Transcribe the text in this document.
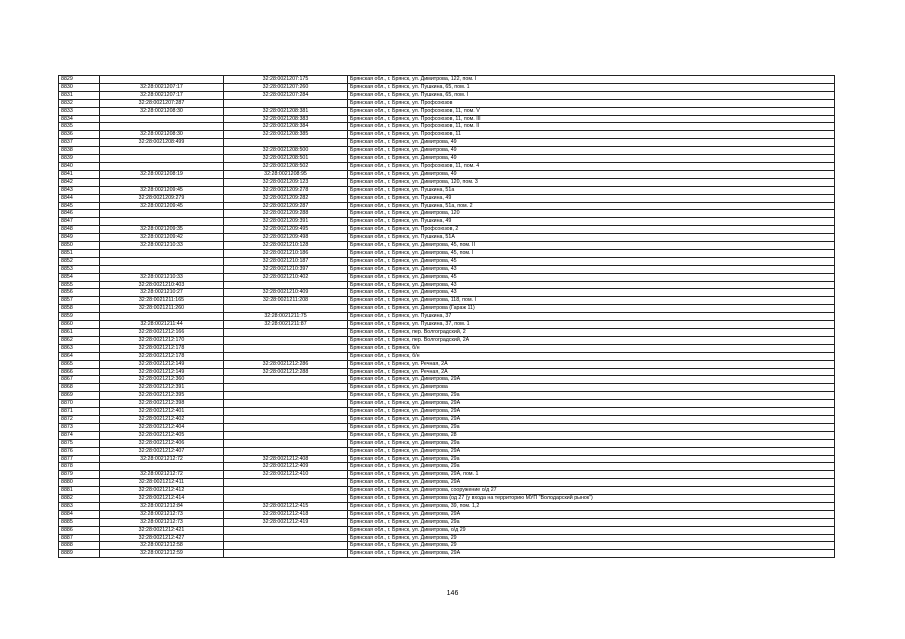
8829		32:28:0021207:175	Брянская обл., г. Брянск, ул. Димитрова, 122, пом. I
8830	32:28:0021207:17	32:28:0021207:260	Брянская обл., г. Брянск, ул. Пушкина, 65, пом. 1
8831	32:28:0021207:17	32:28:0021207:284	Брянская обл., г. Брянск, ул. Пушкина, 65, пом. I
8832	32:28:0021207:287		Брянская обл., г. Брянск, ул. Профсоюзов
8833	32:28:0021208:30	32:28:0021208:381	Брянская обл., г. Брянск, ул. Профсоюзов, 11, пом. V
8834		32:28:0021208:383	Брянская обл., г. Брянск, ул. Профсоюзов, 11, пом. III
8835		32:28:0021208:384	Брянская обл., г. Брянск, ул. Профсоюзов, 11, пом. II
8836	32:28:0021208:30	32:28:0021208:385	Брянская обл., г. Брянск, ул. Профсоюзов, 11
8837	32:28:0021208:499		Брянская обл., г. Брянск, ул. Димитрова, 49
8838		32:28:0021208:500	Брянская обл., г. Брянск, ул. Димитрова, 49
8839		32:28:0021208:501	Брянская обл., г. Брянск, ул. Димитрова, 49
8840		32:28:0021208:502	Брянская обл., г. Брянск, ул. Профсоюзов, 11, пом. 4
8841	32:28:0021208:19	32:28:0021208:95	Брянская обл., г. Брянск, ул. Димитрова, 49
8842		32:28:0021209:123	Брянская обл., г. Брянск, ул. Димитрова, 120, пом. 3
8843	32:28:0021209:45	32:28:0021209:278	Брянская обл., г. Брянск, ул. Пушкина, 51а
8844	32:28:0021209:279	32:28:0021209:282	Брянская обл., г. Брянск, ул. Пушкина, 49
8845	32:28:0021209:45	32:28:0021209:287	Брянская обл., г. Брянск, ул. Пушкина, 51а, пом. 2
8846		32:28:0021209:288	Брянская обл., г. Брянск, ул. Димитрова, 120
8847		32:28:0021209:391	Брянская обл., г. Брянск, ул. Пушкина, 49
8848	32:28:0021209:35	32:28:0021209:495	Брянская обл., г. Брянск, ул. Профсоюзов, 2
8849	32:28:0021209:42	32:28:0021209:498	Брянская обл., г. Брянск, ул. Пушкина, 51А
8850	32:28:0021210:33	32:28:0021210:128	Брянская обл., г. Брянск, ул. Димитрова, 45, пом. II
8851		32:28:0021210:186	Брянская обл., г. Брянск, ул. Димитрова, 45, пом. I
8852		32:28:0021210:187	Брянская обл., г. Брянск, ул. Димитрова, 45
8853		32:28:0021210:397	Брянская обл., г. Брянск, ул. Димитрова, 43
8854	32:28:0021210:33	32:28:0021210:402	Брянская обл., г. Брянск, ул. Димитрова, 45
8855	32:28:0021210:403		Брянская обл., г. Брянск, ул. Димитрова, 43
8856	32:28:0021210:27	32:28:0021210:409	Брянская обл., г. Брянск, ул. Димитрова, 43
8857	32:28:0021211:165	32:28:0021211:208	Брянская обл., г. Брянск, ул. Димитрова, 118, пом. I
8858	32:28:0021211:260		Брянская обл., г. Брянск, ул. Димитрова (Гараж 11)
8859		32:28:0021211:75	Брянская обл., г. Брянск, ул. Пушкина, 37
8860	32:28:0021211:44	32:28:0021211:87	Брянская обл., г. Брянск, ул. Пушкина, 37, пом. 1
8861	32:28:0021212:166		Брянская обл., г. Брянск, пер. Волгоградский, 2
8862	32:28:0021212:170		Брянская обл., г. Брянск, пер. Волгоградский, 2А
8863	32:28:0021212:178		Брянская обл., г. Брянск, б/н
8864	32:28:0021212:178		Брянская обл., г. Брянск, б/н
8865	32:28:0021212:149	32:28:0021212:286	Брянская обл., г. Брянск, ул. Речная, 2А
8866	32:28:0021212:149	32:28:0021212:288	Брянская обл., г. Брянск, ул. Речная, 2А
8867	32:28:0021212:360		Брянская обл., г. Брянск, ул. Димитрова, 29А
8868	32:28:0021212:391		Брянская обл., г. Брянск, ул. Димитрова
8869	32:28:0021212:395		Брянская обл., г. Брянск, ул. Димитрова, 29а
8870	32:28:0021212:398		Брянская обл., г. Брянск, ул. Димитрова, 29А
8871	32:28:0021212:401		Брянская обл., г. Брянск, ул. Димитрова, 29А
8872	32:28:0021212:402		Брянская обл., г. Брянск, ул. Димитрова, 29А
8873	32:28:0021212:404		Брянская обл., г. Брянск, ул. Димитрова, 29а
8874	32:28:0021212:405		Брянская обл., г. Брянск, ул. Димитрова, 28
8875	32:28:0021212:406		Брянская обл., г. Брянск, ул. Димитрова, 29а
8876	32:28:0021212:407		Брянская обл., г. Брянск, ул. Димитрова, 29А
8877	32:28:0021212:72	32:28:0021212:408	Брянская обл., г. Брянск, ул. Димитрова, 29а
8878		32:28:0021212:409	Брянская обл., г. Брянск, ул. Димитрова, 29а
8879	32:28:0021212:72	32:28:0021212:410	Брянская обл., г. Брянск, ул. Димитрова, 29А, пом. 1
8880	32:28:0021212:411		Брянская обл., г. Брянск, ул. Димитрова, 29А
8881	32:28:0021212:412		Брянская обл., г. Брянск, ул. Димитрова, сооружение о/д 27
8882	32:28:0021212:414		Брянская обл., г. Брянск, ул. Димитрова (од 27 (у входа на территорию МУП "Володарский рынок")
8883	32:28:0021212:84	32:28:0021212:415	Брянская обл., г. Брянск, ул. Димитрова, 39, пом. 1,2
8884	32:28:0021212:73	32:28:0021212:418	Брянская обл., г. Брянск, ул. Димитрова, 29А
8885	32:28:0021212:73	32:28:0021212:419	Брянская обл., г. Брянск, ул. Димитрова, 29а
8886	32:28:0021212:421		Брянская обл., г. Брянск, ул. Димитрова, о/д 29
8887	32:28:0021212:427		Брянская обл., г. Брянск, ул. Димитрова, 29
8888	32:28:0021212:58		Брянская обл., г. Брянск, ул. Димитрова, 29
8889	32:28:0021212:59		Брянская обл., г. Брянск, ул. Димитрова, 29А
146
